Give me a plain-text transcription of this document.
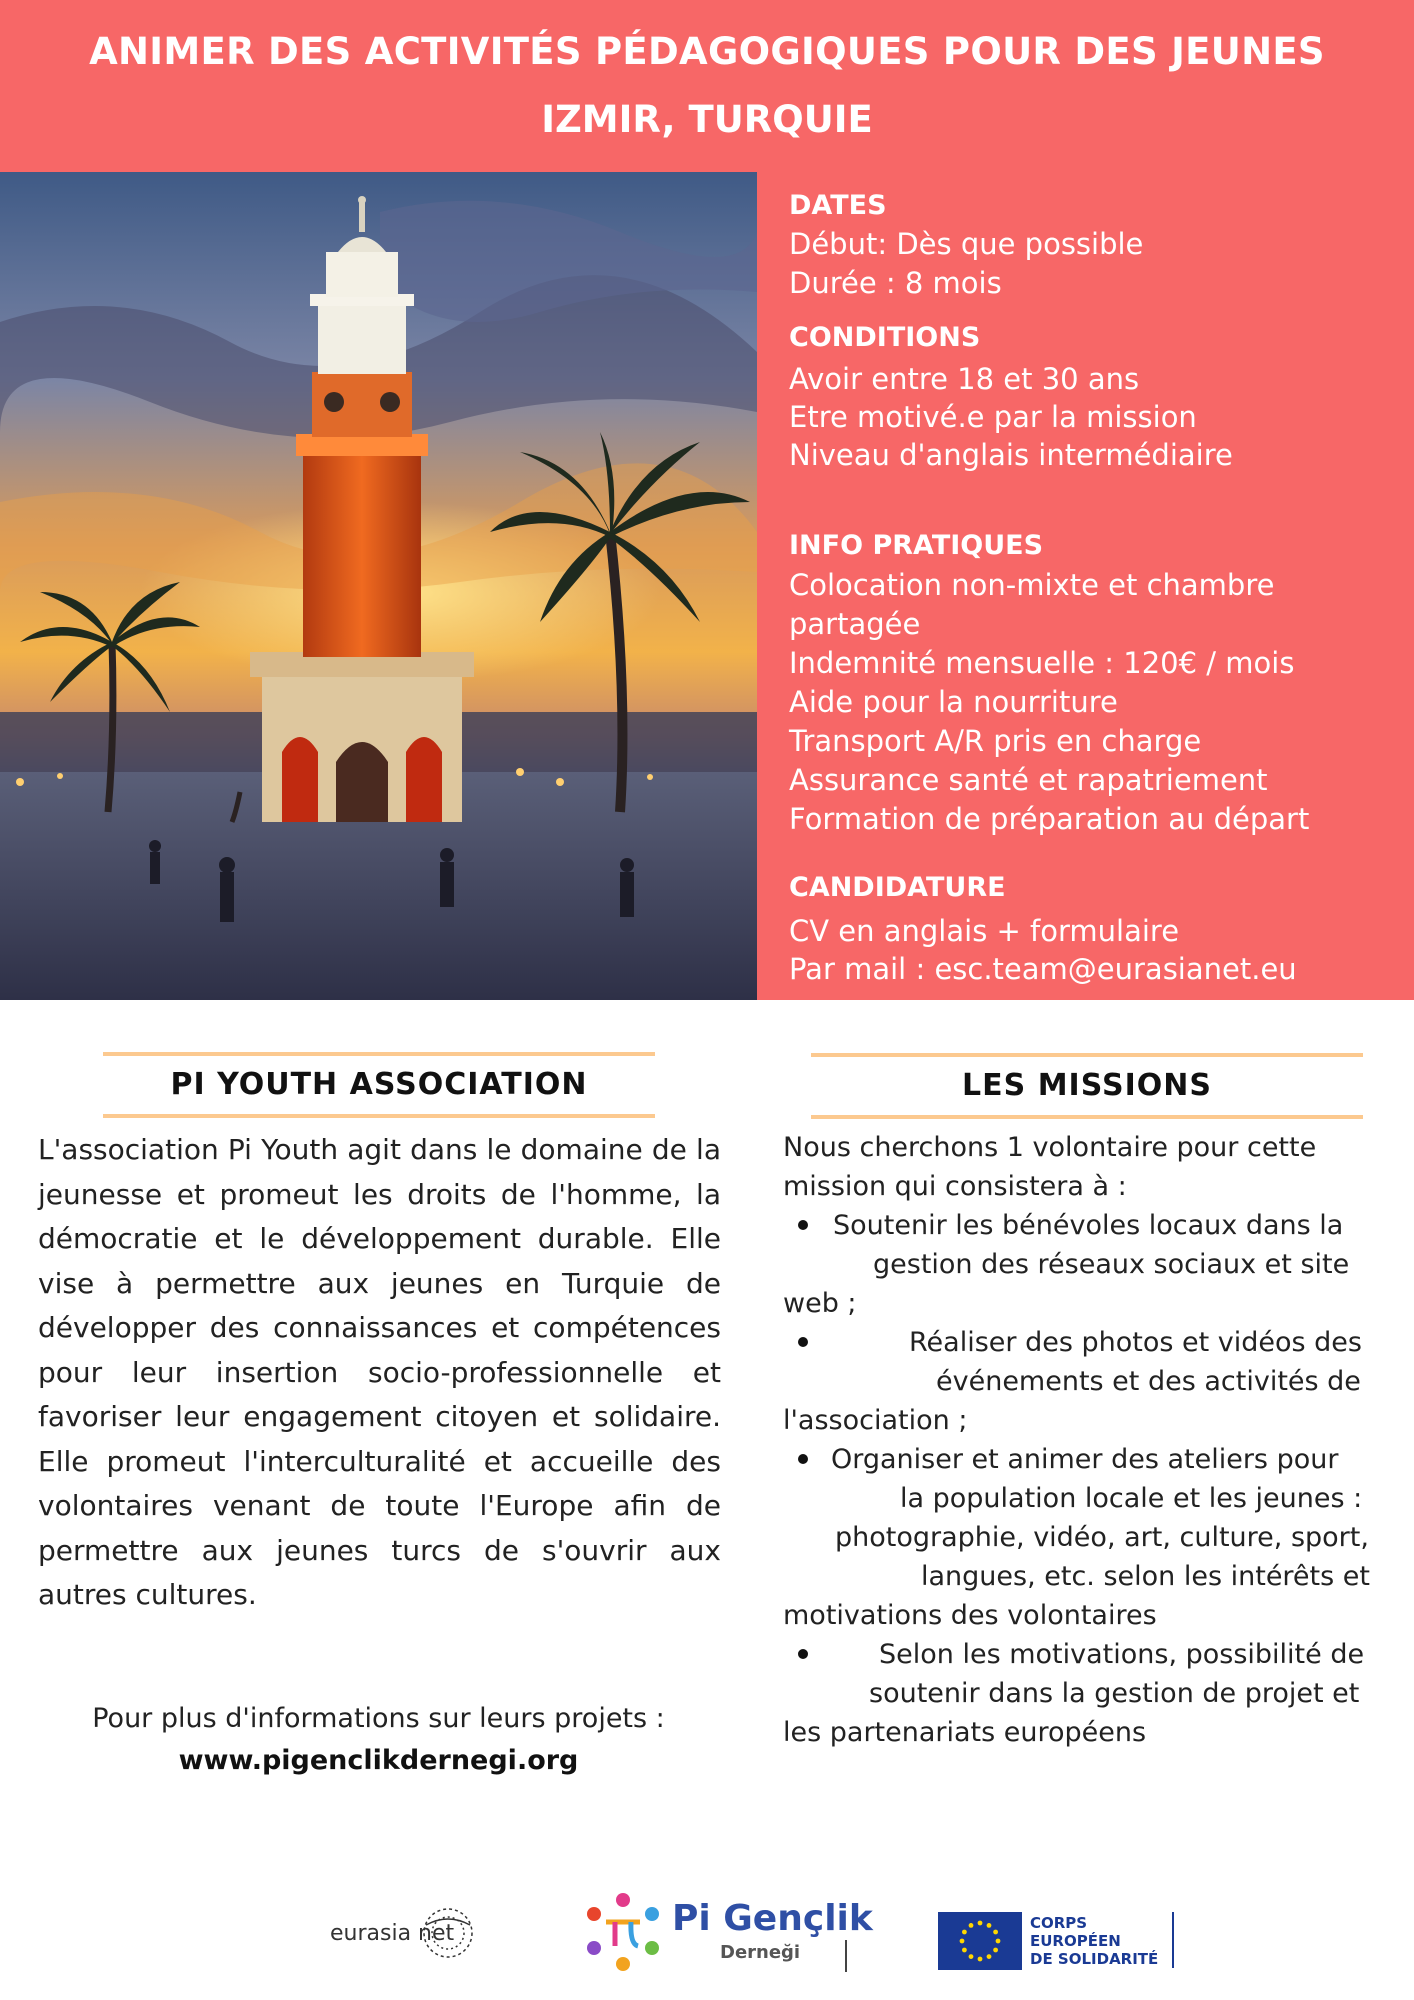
ANIMER DES ACTIVITÉS PÉDAGOGIQUES POUR DES JEUNES
IZMIR, TURQUIE
DATES
Début: Dès que possible
Durée : 8 mois
CONDITIONS
Avoir entre 18 et 30 ans
Etre motivé.e par la mission
Niveau d'anglais intermédiaire
INFO PRATIQUES
Colocation non-mixte et chambre
partagée
Indemnité mensuelle : 120€ / mois
Aide pour la nourriture
Transport A/R pris en charge
Assurance santé et rapatriement
Formation de préparation au départ
CANDIDATURE
CV en anglais + formulaire
Par mail : esc.team@eurasianet.eu
PI YOUTH ASSOCIATION
L'association Pi Youth agit dans le domaine de la jeunesse et promeut les droits de l'homme, la démocratie et le développement durable. Elle vise à permettre aux jeunes en Turquie de développer des connaissances et compétences pour leur insertion socio-professionnelle et favoriser leur engagement citoyen et solidaire. Elle promeut l'interculturalité et accueille des volontaires venant de toute l'Europe afin de permettre aux jeunes turcs de s'ouvrir aux autres cultures.
Pour plus d'informations sur leurs projets :
www.pigenclikdernegi.org
LES MISSIONS
Nous cherchons 1 volontaire pour cette
mission qui consistera à :
Soutenir les bénévoles locaux dans la
gestion des réseaux sociaux et site
web ;
Réaliser des photos et vidéos des
événements et des activités de
l'association ;
Organiser et animer des ateliers pour
la population locale et les jeunes :
photographie, vidéo, art, culture, sport,
langues, etc. selon les intérêts et
motivations des volontaires
Selon les motivations, possibilité de
soutenir dans la gestion de projet et
les partenariats européens
eurasia net	Pi Gençlik
Derneği
CORPS
EUROPÉEN
DE SOLIDARITÉ
